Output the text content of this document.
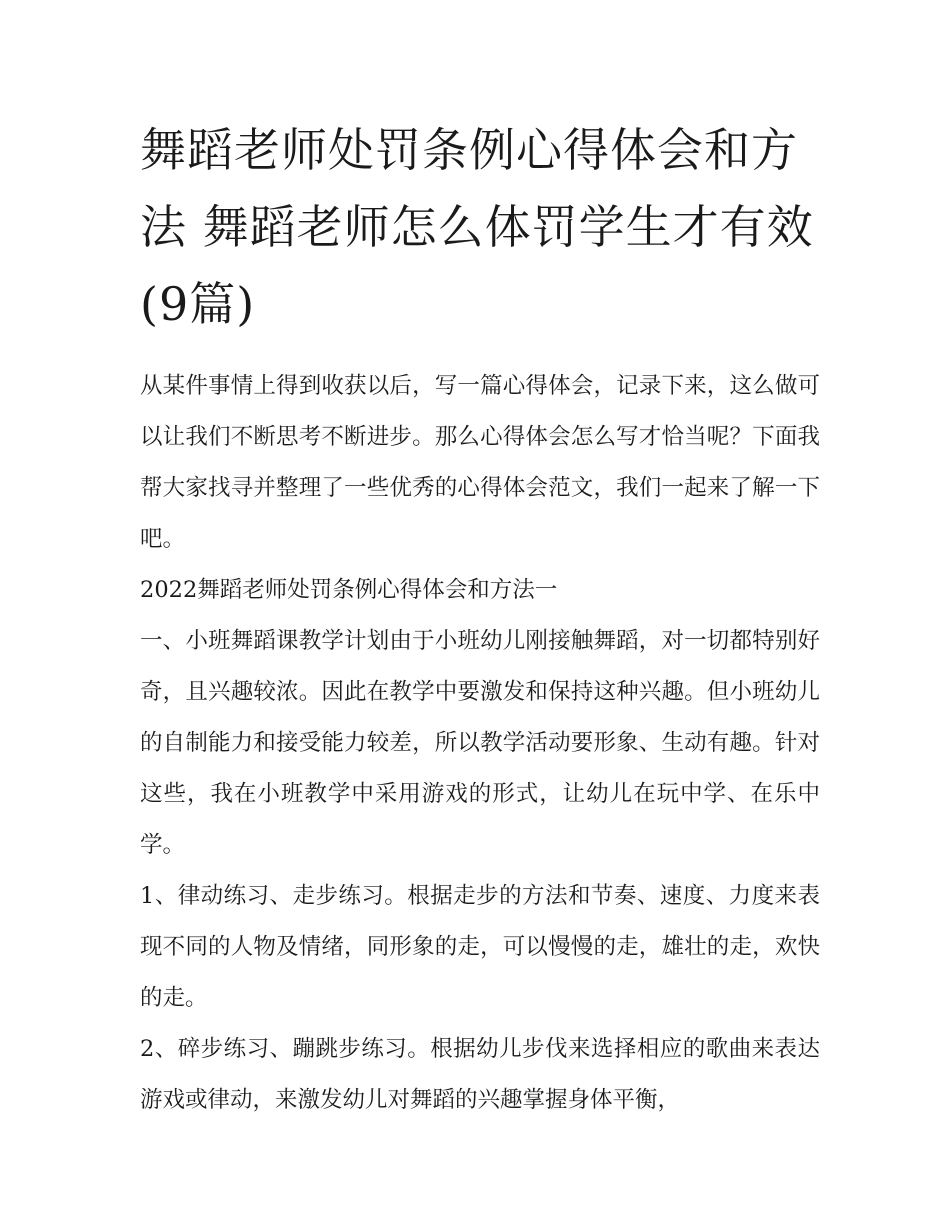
舞蹈老师处罚条例心得体会和方法 舞蹈老师怎么体罚学生才有效(9篇)

从某件事情上得到收获以后，写一篇心得体会，记录下来，这么做可以让我们不断思考不断进步。那么心得体会怎么写才恰当呢？下面我帮大家找寻并整理了一些优秀的心得体会范文，我们一起来了解一下吧。

2022舞蹈老师处罚条例心得体会和方法一

一、小班舞蹈课教学计划由于小班幼儿刚接触舞蹈，对一切都特别好奇，且兴趣较浓。因此在教学中要激发和保持这种兴趣。但小班幼儿的自制能力和接受能力较差，所以教学活动要形象、生动有趣。针对这些，我在小班教学中采用游戏的形式，让幼儿在玩中学、在乐中学。

1、律动练习、走步练习。根据走步的方法和节奏、速度、力度来表现不同的人物及情绪，同形象的走，可以慢慢的走，雄壮的走，欢快的走。

2、碎步练习、蹦跳步练习。根据幼儿步伐来选择相应的歌曲来表达游戏或律动，来激发幼儿对舞蹈的兴趣掌握身体平衡，
